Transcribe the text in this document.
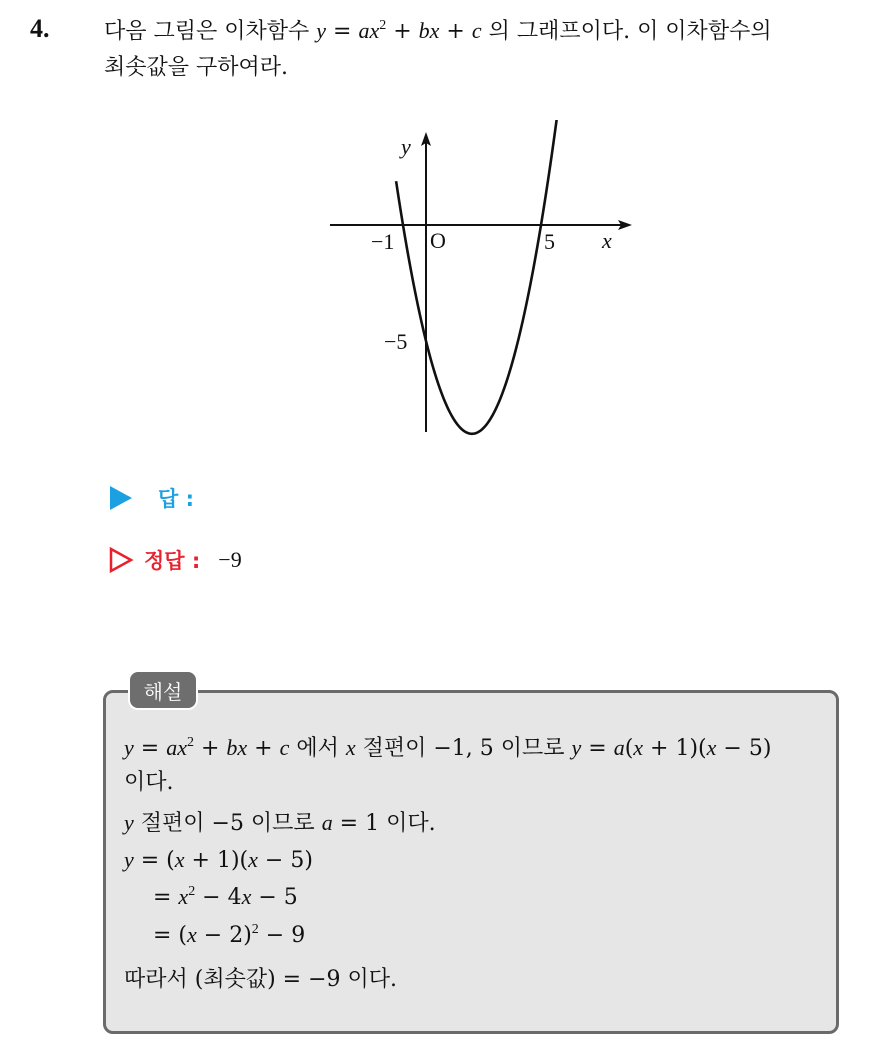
4. 다음 그림은 이차함수 $y = ax^2$ + bx + c 의 그래프이다. 이 이차함수의
최솟값을 구하여라.
y
x
O
−1	5
−5
답 :
정답 : −9
해설
$y = ax^2$ + bx + c 에서 x 절편이 −1, 5 이므로 y = a(x + 1)(x − 5)
이다.
y 절편이 −5 이므로 a = 1 이다.
y = (x + 1)(x − 5)
  = $x^2 - 4x - 5$
  = $(x - 2)^2 - 9$
따라서 (최솟값) = −9 이다.
